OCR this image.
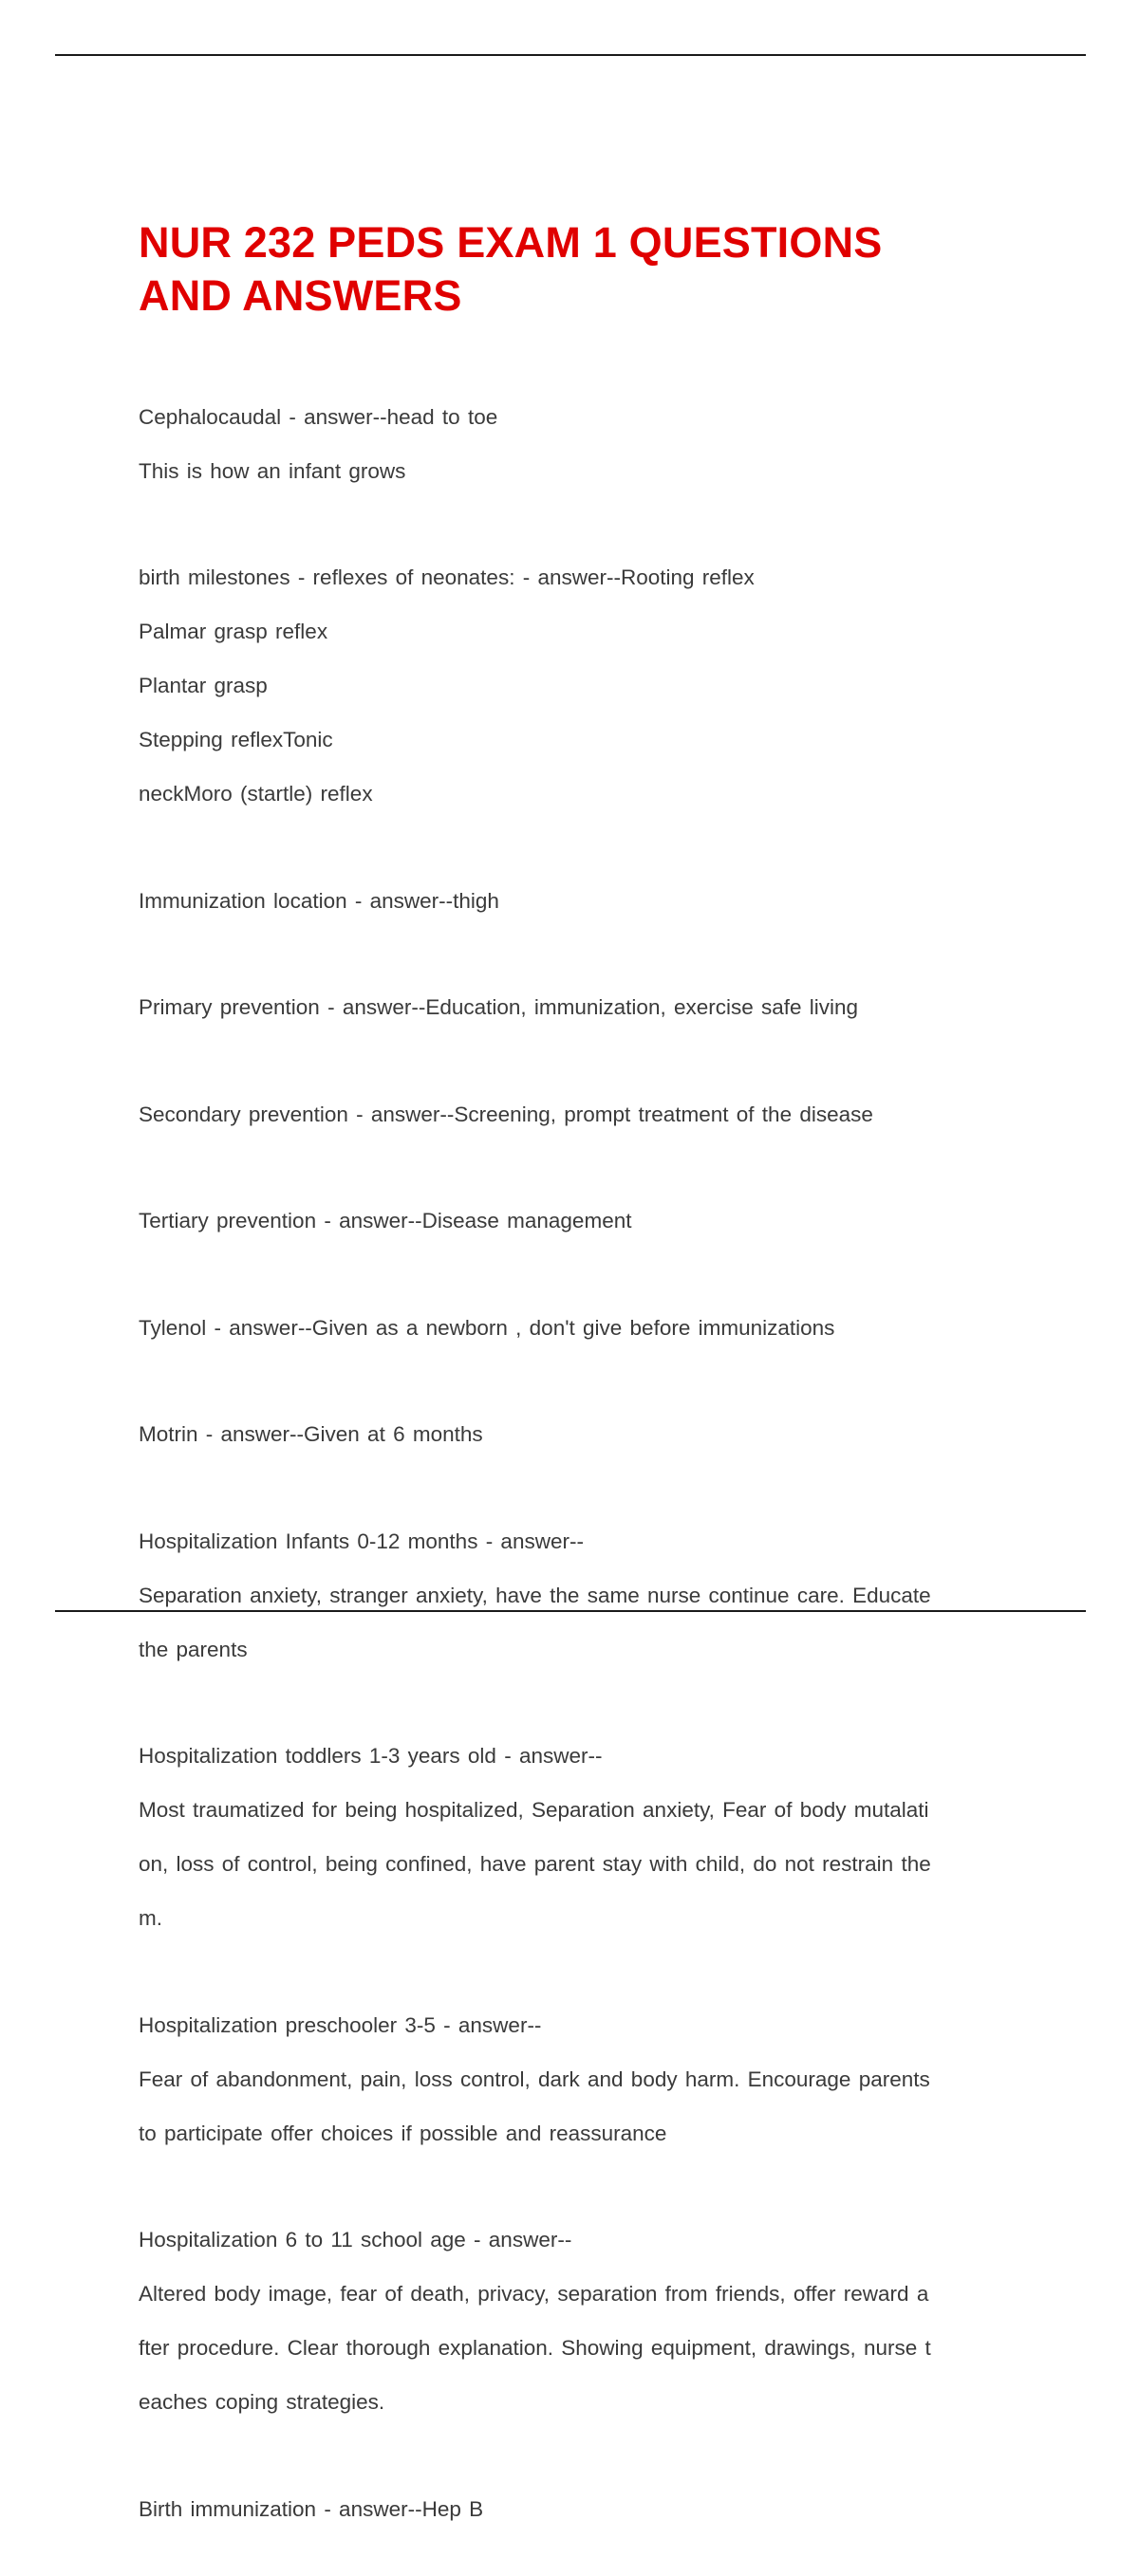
NUR 232 PEDS EXAM 1 QUESTIONS
AND ANSWERS

Cephalocaudal - answer--head to toe

This is how an infant grows

birth milestones - reflexes of neonates: - answer--Rooting reflex

Palmar grasp reflex

Plantar grasp

Stepping reflexTonic

neckMoro (startle) reflex

Immunization location - answer--thigh

Primary prevention - answer--Education, immunization, exercise safe living

Secondary prevention - answer--Screening, prompt treatment of the disease

Tertiary prevention - answer--Disease management

Tylenol - answer--Given as a newborn , don't give before immunizations

Motrin - answer--Given at 6 months

Hospitalization Infants 0-12 months - answer--

Separation anxiety, stranger anxiety, have the same nurse continue care. Educate

the parents

Hospitalization toddlers 1-3 years old - answer--

Most traumatized for being hospitalized, Separation anxiety, Fear of body mutalati

on, loss of control, being confined, have parent stay with child, do not restrain the

m.

Hospitalization preschooler 3-5 - answer--

Fear of abandonment, pain, loss control, dark and body harm. Encourage parents

to participate offer choices if possible and reassurance

Hospitalization 6 to 11 school age - answer--

Altered body image, fear of death, privacy, separation from friends, offer reward a

fter procedure. Clear thorough explanation. Showing equipment, drawings, nurse t

eaches coping strategies.

Birth immunization - answer--Hep B
